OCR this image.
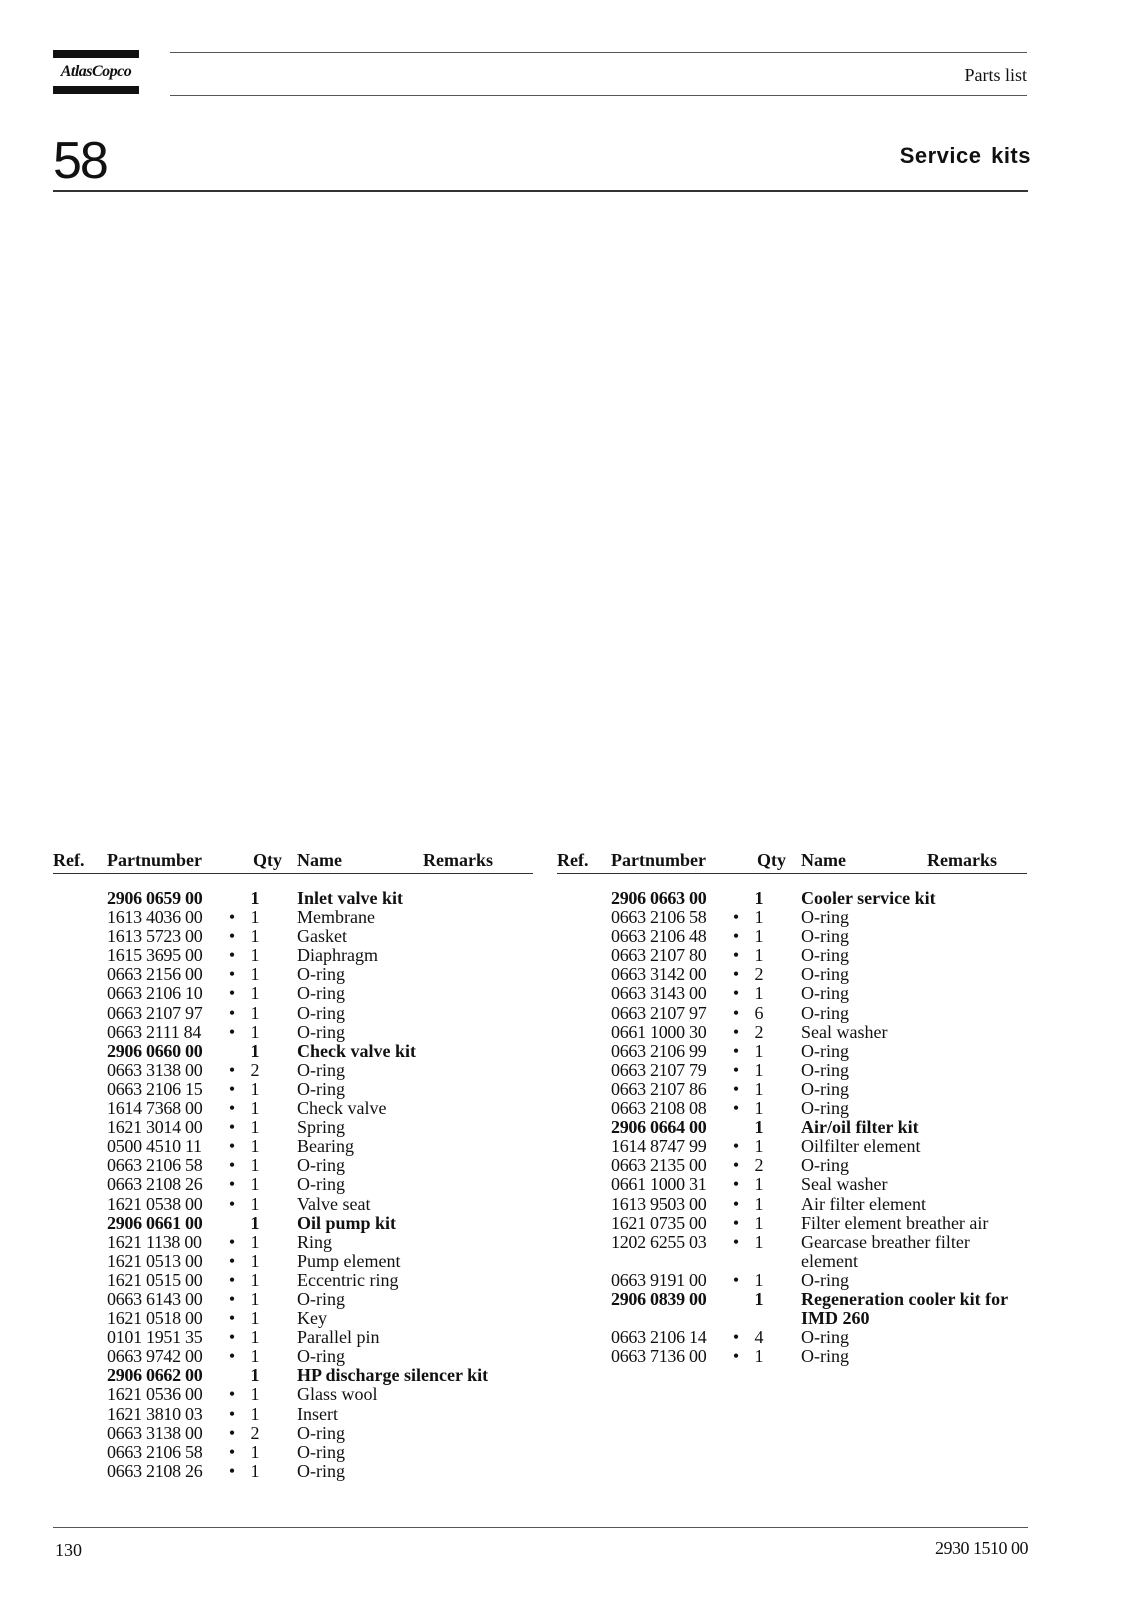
AtlasCopco	Parts list
58	Service kits
Ref. Partnumber	Qty Name	Remarks
2906 0659 00	1 Inlet valve kit
1613 4036 00 • 1 Membrane
1613 5723 00 • 1 Gasket
1615 3695 00 • 1 Diaphragm
0663 2156 00 • 1 O-ring
0663 2106 10 • 1 O-ring
0663 2107 97 • 1 O-ring
0663 2111 84 • 1 O-ring
2906 0660 00	1 Check valve kit
0663 3138 00 • 2 O-ring
0663 2106 15 • 1 O-ring
1614 7368 00 • 1 Check valve
1621 3014 00 • 1 Spring
0500 4510 11 • 1 Bearing
0663 2106 58 • 1 O-ring
0663 2108 26 • 1 O-ring
1621 0538 00 • 1 Valve seat
2906 0661 00	1 Oil pump kit
1621 1138 00 • 1 Ring
1621 0513 00 • 1 Pump element
1621 0515 00 • 1 Eccentric ring
0663 6143 00 • 1 O-ring
1621 0518 00 • 1 Key
0101 1951 35 • 1 Parallel pin
0663 9742 00 • 1 O-ring
2906 0662 00	1 HP discharge silencer kit
1621 0536 00 • 1 Glass wool
1621 3810 03 • 1 Insert
0663 3138 00 • 2 O-ring
0663 2106 58 • 1 O-ring
0663 2108 26 • 1 O-ring
Ref. Partnumber	Qty Name	Remarks
2906 0663 00	1 Cooler service kit
0663 2106 58 • 1 O-ring
0663 2106 48 • 1 O-ring
0663 2107 80 • 1 O-ring
0663 3142 00 • 2 O-ring
0663 3143 00 • 1 O-ring
0663 2107 97 • 6 O-ring
0661 1000 30 • 2 Seal washer
0663 2106 99 • 1 O-ring
0663 2107 79 • 1 O-ring
0663 2107 86 • 1 O-ring
0663 2108 08 • 1 O-ring
2906 0664 00	1 Air/oil filter kit
1614 8747 99 • 1 Oilfilter element
0663 2135 00 • 2 O-ring
0661 1000 31 • 1 Seal washer
1613 9503 00 • 1 Air filter element
1621 0735 00 • 1 Filter element breather air
1202 6255 03 • 1 Gearcase breather filter
element
0663 9191 00 • 1 O-ring
2906 0839 00	1 Regeneration cooler kit for
IMD 260
0663 2106 14 • 4 O-ring
0663 7136 00 • 1 O-ring
130	2930 1510 00
